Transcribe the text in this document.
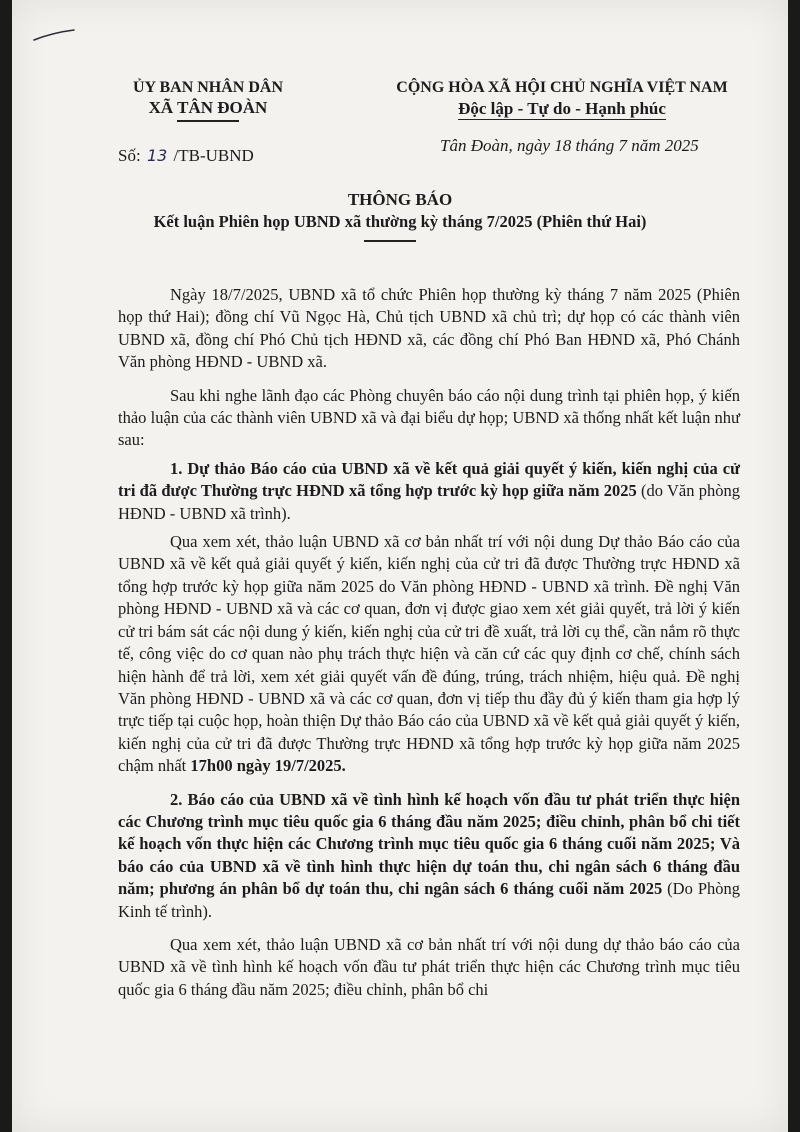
ỦY BAN NHÂN DÂN
XÃ TÂN ĐOÀN
CỘNG HÒA XÃ HỘI CHỦ NGHĨA VIỆT NAM
Độc lập - Tự do - Hạnh phúc
Số: 13 /TB-UBND
Tân Đoàn, ngày 18 tháng 7 năm 2025
THÔNG BÁO
Kết luận Phiên họp UBND xã thường kỳ tháng 7/2025 (Phiên thứ Hai)

Ngày 18/7/2025, UBND xã tổ chức Phiên họp thường kỳ tháng 7 năm 2025 (Phiên họp thứ Hai); đồng chí Vũ Ngọc Hà, Chủ tịch UBND xã chủ trì; dự họp có các thành viên UBND xã, đồng chí Phó Chủ tịch HĐND xã, các đồng chí Phó Ban HĐND xã, Phó Chánh Văn phòng HĐND - UBND xã.

Sau khi nghe lãnh đạo các Phòng chuyên báo cáo nội dung trình tại phiên họp, ý kiến thảo luận của các thành viên UBND xã và đại biểu dự họp; UBND xã thống nhất kết luận như sau:

1. Dự thảo Báo cáo của UBND xã về kết quả giải quyết ý kiến, kiến nghị của cử tri đã được Thường trực HĐND xã tổng hợp trước kỳ họp giữa năm 2025 (do Văn phòng HĐND - UBND xã trình).

Qua xem xét, thảo luận UBND xã cơ bản nhất trí với nội dung Dự thảo Báo cáo của UBND xã về kết quả giải quyết ý kiến, kiến nghị của cử tri đã được Thường trực HĐND xã tổng hợp trước kỳ họp giữa năm 2025 do Văn phòng HĐND - UBND xã trình. Đề nghị Văn phòng HĐND - UBND xã và các cơ quan, đơn vị được giao xem xét giải quyết, trả lời ý kiến cử tri bám sát các nội dung ý kiến, kiến nghị của cử tri đề xuất, trả lời cụ thể, cần nắm rõ thực tế, công việc do cơ quan nào phụ trách thực hiện và căn cứ các quy định cơ chế, chính sách hiện hành để trả lời, xem xét giải quyết vấn đề đúng, trúng, trách nhiệm, hiệu quả. Đề nghị Văn phòng HĐND - UBND xã và các cơ quan, đơn vị tiếp thu đầy đủ ý kiến tham gia hợp lý trực tiếp tại cuộc họp, hoàn thiện Dự thảo Báo cáo của UBND xã về kết quả giải quyết ý kiến, kiến nghị của cử tri đã được Thường trực HĐND xã tổng hợp trước kỳ họp giữa năm 2025 chậm nhất 17h00 ngày 19/7/2025.

2. Báo cáo của UBND xã về tình hình kế hoạch vốn đầu tư phát triển thực hiện các Chương trình mục tiêu quốc gia 6 tháng đầu năm 2025; điều chỉnh, phân bổ chi tiết kế hoạch vốn thực hiện các Chương trình mục tiêu quốc gia 6 tháng cuối năm 2025; Và báo cáo của UBND xã về tình hình thực hiện dự toán thu, chi ngân sách 6 tháng đầu năm; phương án phân bổ dự toán thu, chi ngân sách 6 tháng cuối năm 2025 (Do Phòng Kinh tế trình).

Qua xem xét, thảo luận UBND xã cơ bản nhất trí với nội dung dự thảo báo cáo của UBND xã về tình hình kế hoạch vốn đầu tư phát triển thực hiện các Chương trình mục tiêu quốc gia 6 tháng đầu năm 2025; điều chỉnh, phân bổ chi
